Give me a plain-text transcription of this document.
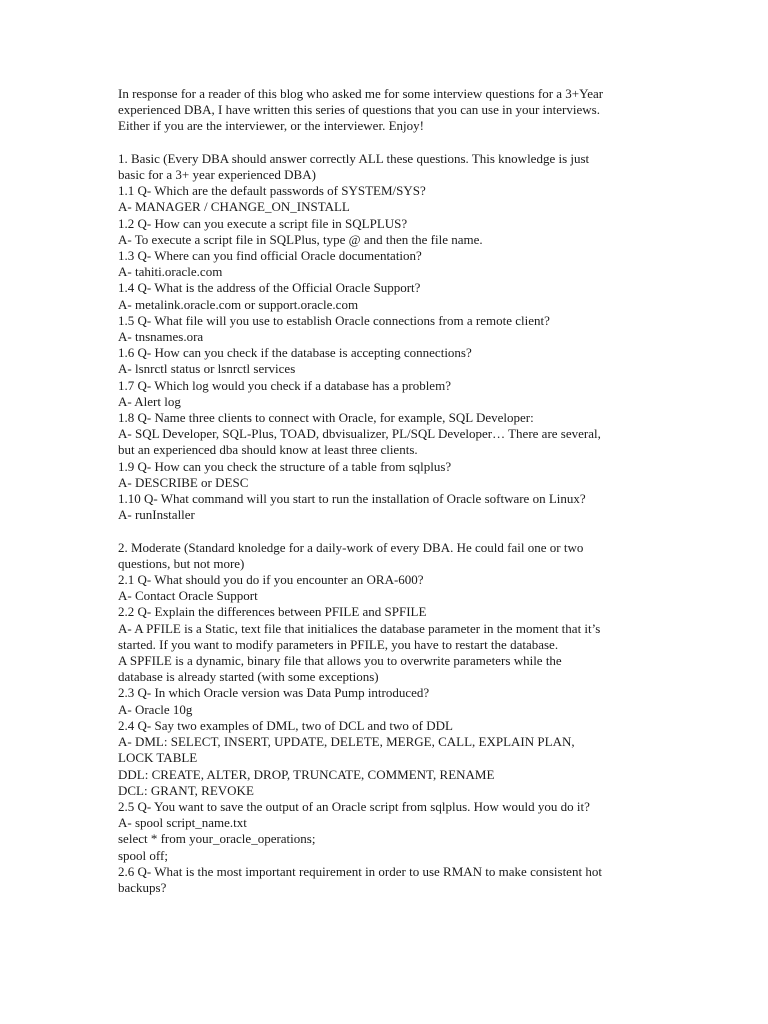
In response for a reader of this blog who asked me for some interview questions for a 3+Year
experienced DBA, I have written this series of questions that you can use in your interviews.
Either if you are the interviewer, or the interviewer. Enjoy!
1. Basic (Every DBA should answer correctly ALL these questions. This knowledge is just
basic for a 3+ year experienced DBA)
1.1 Q- Which are the default passwords of SYSTEM/SYS?
A- MANAGER / CHANGE_ON_INSTALL
1.2 Q- How can you execute a script file in SQLPLUS?
A- To execute a script file in SQLPlus, type @ and then the file name.
1.3 Q- Where can you find official Oracle documentation?
A- tahiti.oracle.com
1.4 Q- What is the address of the Official Oracle Support?
A- metalink.oracle.com or support.oracle.com
1.5 Q- What file will you use to establish Oracle connections from a remote client?
A- tnsnames.ora
1.6 Q- How can you check if the database is accepting connections?
A- lsnrctl status or lsnrctl services
1.7 Q- Which log would you check if a database has a problem?
A- Alert log
1.8 Q- Name three clients to connect with Oracle, for example, SQL Developer:
A- SQL Developer, SQL-Plus, TOAD, dbvisualizer, PL/SQL Developer… There are several,
but an experienced dba should know at least three clients.
1.9 Q- How can you check the structure of a table from sqlplus?
A- DESCRIBE or DESC
1.10 Q- What command will you start to run the installation of Oracle software on Linux?
A- runInstaller
2. Moderate (Standard knoledge for a daily-work of every DBA. He could fail one or two
questions, but not more)
2.1 Q- What should you do if you encounter an ORA-600?
A- Contact Oracle Support
2.2 Q- Explain the differences between PFILE and SPFILE
A- A PFILE is a Static, text file that initialices the database parameter in the moment that it’s
started. If you want to modify parameters in PFILE, you have to restart the database.
A SPFILE is a dynamic, binary file that allows you to overwrite parameters while the
database is already started (with some exceptions)
2.3 Q- In which Oracle version was Data Pump introduced?
A- Oracle 10g
2.4 Q- Say two examples of DML, two of DCL and two of DDL
A- DML: SELECT, INSERT, UPDATE, DELETE, MERGE, CALL, EXPLAIN PLAN,
LOCK TABLE
DDL: CREATE, ALTER, DROP, TRUNCATE, COMMENT, RENAME
DCL: GRANT, REVOKE
2.5 Q- You want to save the output of an Oracle script from sqlplus. How would you do it?
A- spool script_name.txt
select * from your_oracle_operations;
spool off;
2.6 Q- What is the most important requirement in order to use RMAN to make consistent hot
backups?
